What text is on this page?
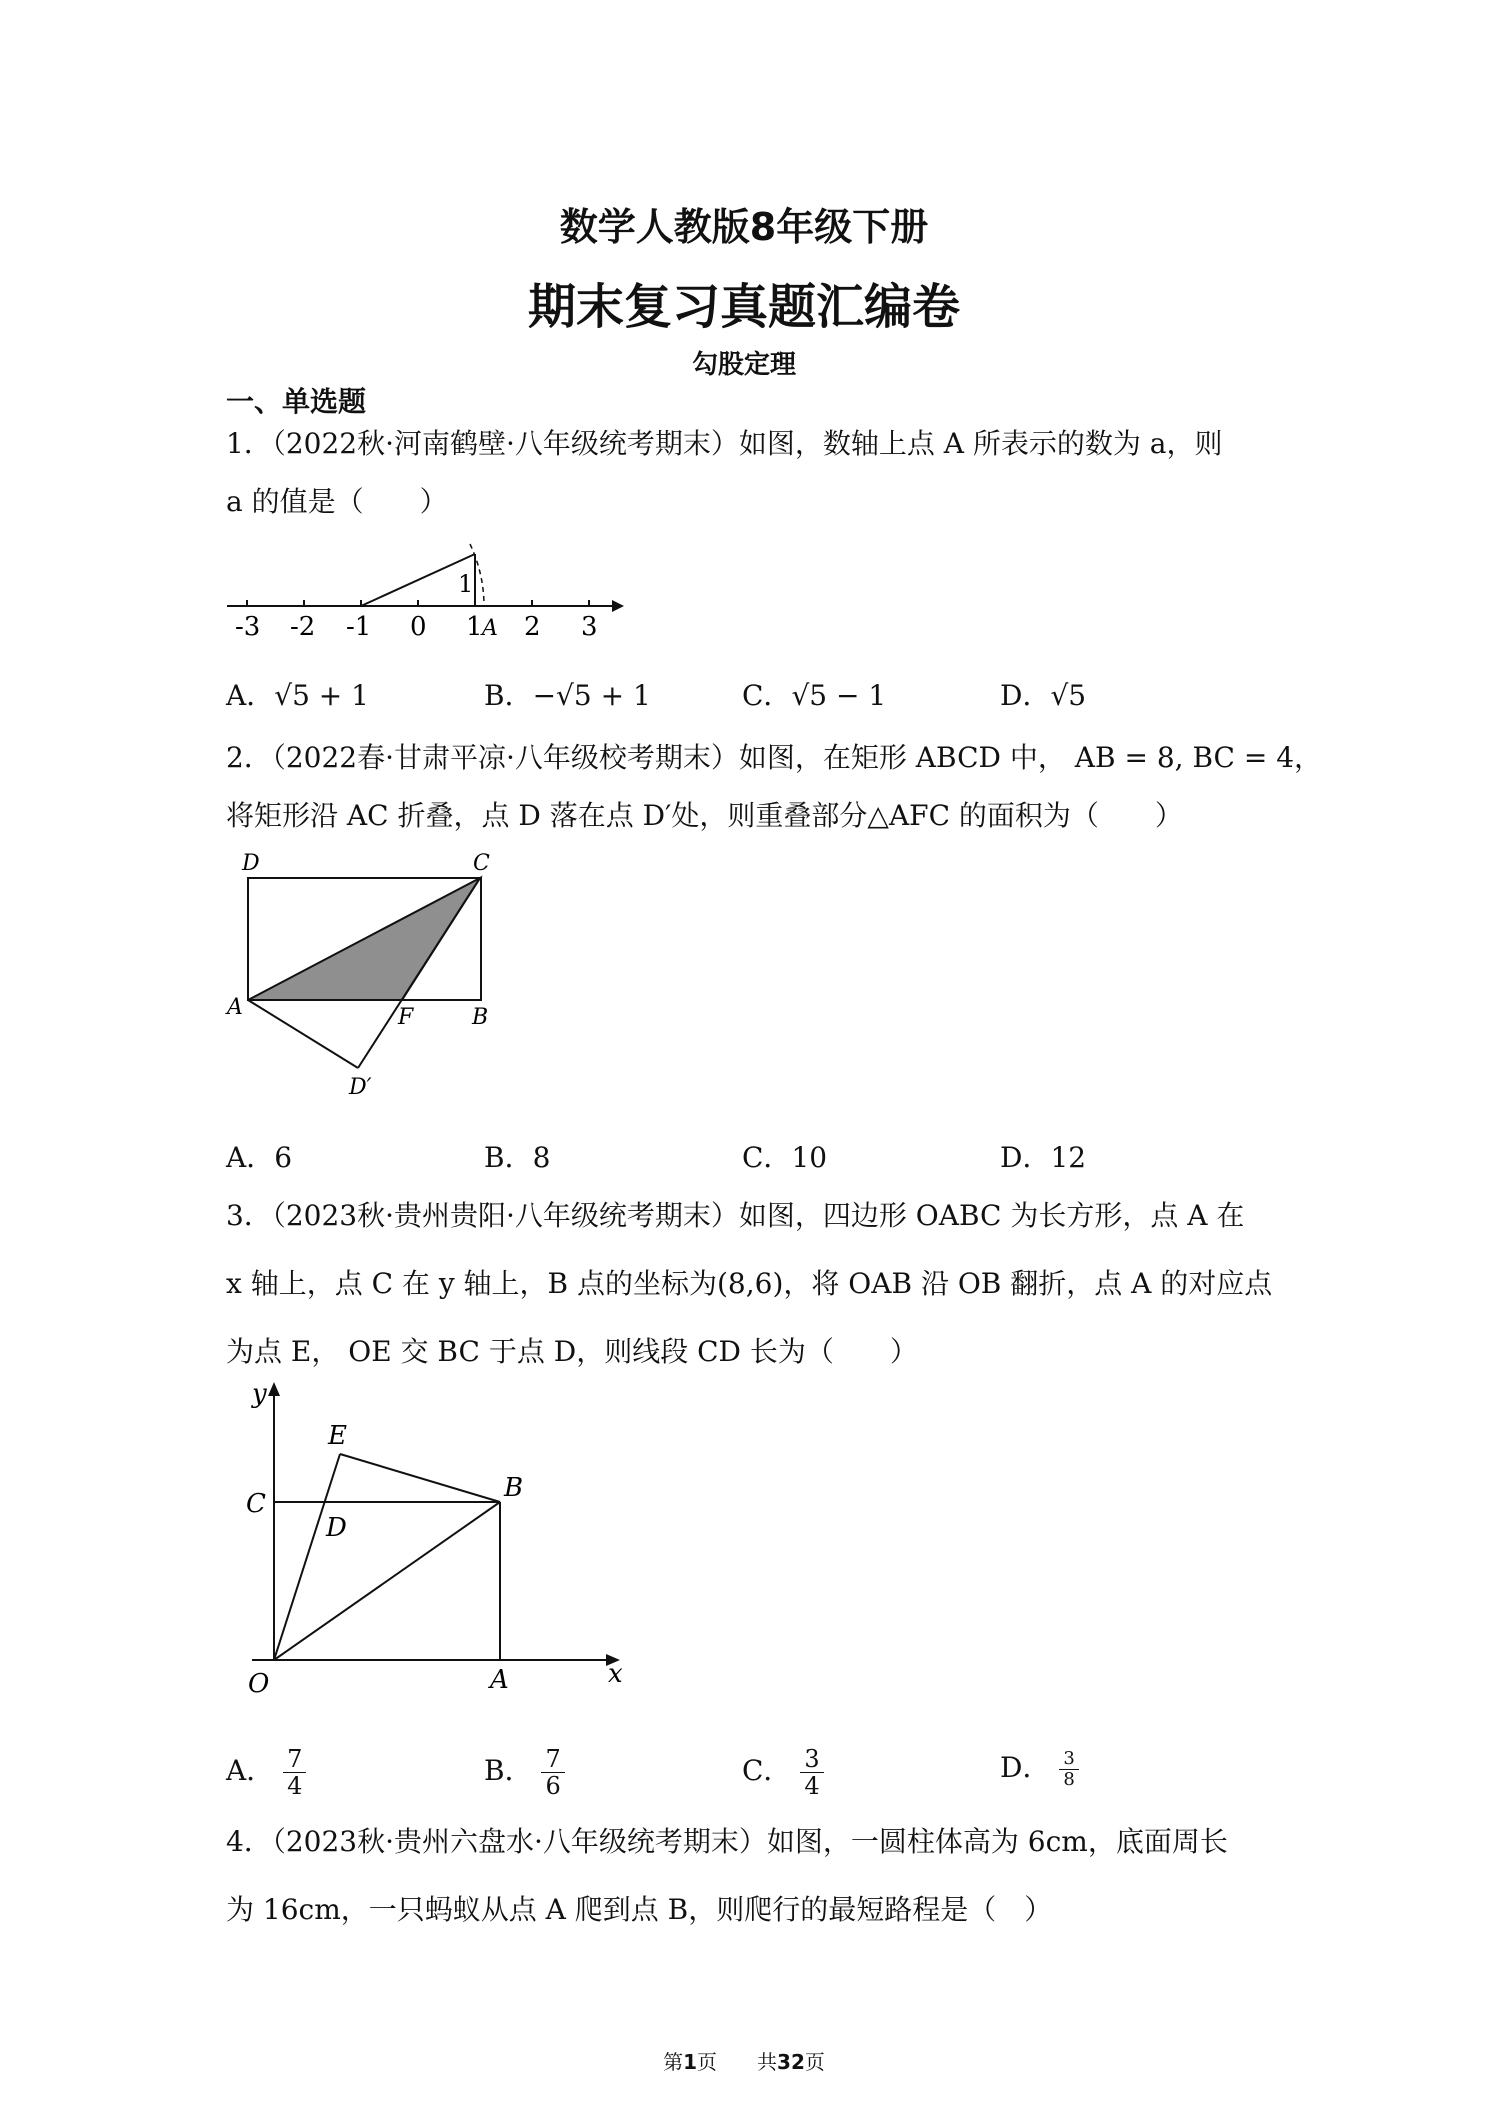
数学人教版8年级下册
期末复习真题汇编卷
勾股定理
一、单选题
1．（2022秋·河南鹤壁·八年级统考期末）如图，数轴上点 A 所表示的数为 a，则
a 的值是（　　）
-3 -2 -1 0 1 A 2 3
1
A．√5 + 1	B．−√5 + 1	C．√5 − 1	D．√5
2．（2022春·甘肃平凉·八年级校考期末）如图，在矩形 ABCD 中， AB = 8, BC = 4，
将矩形沿 AC 折叠，点 D 落在点 D′处，则重叠部分△AFC 的面积为（　　）
D	C
A	F	B
D′
A．6	B．8	C．10	D．12
3．（2023秋·贵州贵阳·八年级统考期末）如图，四边形 OABC 为长方形，点 A 在
x 轴上，点 C 在 y 轴上，B 点的坐标为(8,6)，将 OAB 沿 OB 翻折，点 A 的对应点
为点 E， OE 交 BC 于点 D，则线段 CD 长为（　　）
y
E
C
D
B
O	A	x
A． $\frac{7}{4}$	B． $\frac{7}{6}$	C． $\frac{3}{4}$	D． $\frac{3}{8}$
4．（2023秋·贵州六盘水·八年级统考期末）如图，一圆柱体高为 6cm，底面周长
为 16cm，一只蚂蚁从点 A 爬到点 B，则爬行的最短路程是（　）
第1页　　共32页
